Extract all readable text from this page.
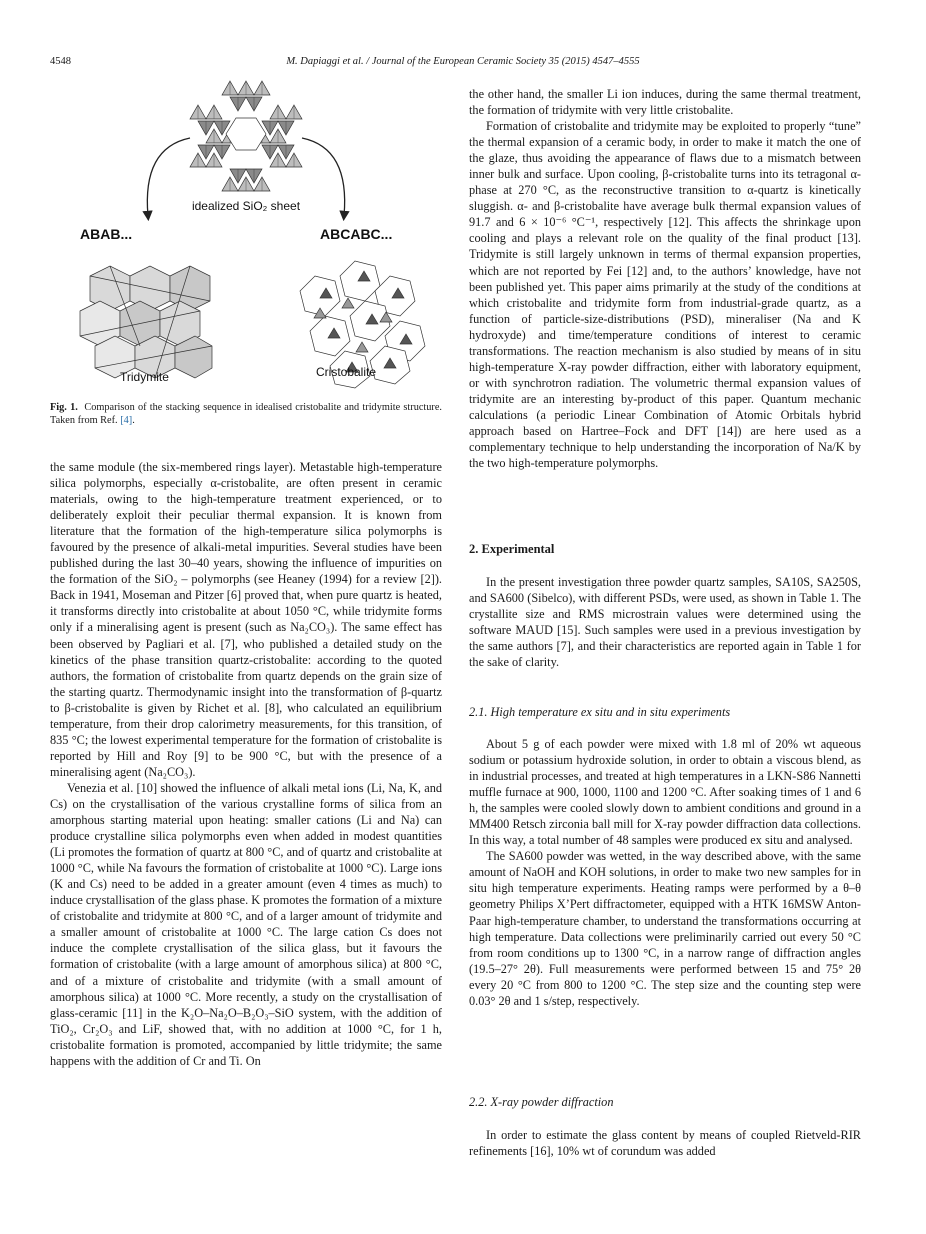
4548	M. Dapiaggi et al. / Journal of the European Ceramic Society 35 (2015) 4547–4555
idealized SiO₂ sheet
ABAB...	ABCABC...
Tridymite	Cristobalite
Fig. 1. Comparison of the stacking sequence in idealised cristobalite and tridymite structure. Taken from Ref. [4].

the same module (the six-membered rings layer). Metastable high-temperature silica polymorphs, especially α-cristobalite, are often present in ceramic materials, owing to the high-temperature treatment experienced, or to deliberately exploit their peculiar thermal expansion. It is known from literature that the formation of the high-temperature silica polymorphs is favoured by the presence of alkali-metal impurities. Several studies have been published during the last 30–40 years, showing the influence of impurities on the formation of the SiO₂ – polymorphs (see Heaney (1994) for a review [2]). Back in 1941, Moseman and Pitzer [6] proved that, when pure quartz is heated, it transforms directly into cristobalite at about 1050 °C, while tridymite forms only if a mineralising agent is present (such as Na₂CO₃). The same effect has been observed by Pagliari et al. [7], who published a detailed study on the kinetics of the phase transition quartz-cristobalite: according to the quoted authors, the formation of cristobalite from quartz depends on the grain size of the starting quartz. Thermodynamic insight into the transformation of β-quartz to β-cristobalite is given by Richet et al. [8], who calculated an equilibrium temperature, from their drop calorimetry measurements, for this transition, of 835 °C; the lowest experimental temperature for the formation of cristobalite is reported by Hill and Roy [9] to be 900 °C, but with the presence of a mineralising agent (Na₂CO₃).

Venezia et al. [10] showed the influence of alkali metal ions (Li, Na, K, and Cs) on the crystallisation of the various crystalline forms of silica from an amorphous starting material upon heating: smaller cations (Li and Na) can produce crystalline silica polymorphs even when added in modest quantities (Li promotes the formation of quartz at 800 °C, and of quartz and cristobalite at 1000 °C, while Na favours the formation of cristobalite at 1000 °C). Large ions (K and Cs) need to be added in a greater amount (even 4 times as much) to induce crystallisation of the glass phase. K promotes the formation of a mixture of cristobalite and tridymite at 800 °C, and of a larger amount of tridymite and a smaller amount of cristobalite at 1000 °C. The large cation Cs does not induce the complete crystallisation of the silica glass, but it favours the formation of cristobalite (with a large amount of amorphous silica) at 800 °C, and of a mixture of cristobalite and tridymite (with a small amount of amorphous silica) at 1000 °C. More recently, a study on the crystallisation of glass-ceramic [11] in the K₂O–Na₂O–B₂O₃–SiO system, with the addition of TiO₂, Cr₂O₃ and LiF, showed that, with no addition at 1000 °C, for 1 h, cristobalite formation is promoted, accompanied by little tridymite; the same happens with the addition of Cr and Ti. On

the other hand, the smaller Li ion induces, during the same thermal treatment, the formation of tridymite with very little cristobalite.

Formation of cristobalite and tridymite may be exploited to properly “tune” the thermal expansion of a ceramic body, in order to make it match the one of the glaze, thus avoiding the appearance of flaws due to a mismatch between inner bulk and surface. Upon cooling, β-cristobalite turns into its tetragonal α-phase at 270 °C, as the reconstructive transition to α-quartz is kinetically sluggish. α- and β-cristobalite have average bulk thermal expansion values of 91.7 and 6 × 10⁻⁶ °C⁻¹, respectively [12]. This affects the shrinkage upon cooling and plays a relevant role on the quality of the final product [13]. Tridymite is still largely unknown in terms of thermal expansion properties, which are not reported by Fei [12] and, to the authors’ knowledge, have not been published yet. This paper aims primarily at the study of the conditions at which cristobalite and tridymite form from industrial-grade quartz, as a function of particle-size-distributions (PSD), mineraliser (Na and K hydroxyde) and time/temperature conditions of interest to ceramic transformations. The reaction mechanism is also studied by means of in situ high-temperature X-ray powder diffraction, either with laboratory equipment, or with synchrotron radiation. The volumetric thermal expansion values of tridymite are an interesting by-product of this paper. Quantum mechanic calculations (a periodic Linear Combination of Atomic Orbitals hybrid approach based on Hartree–Fock and DFT [14]) are here used as a complementary technique to help understanding the incorporation of Na/K by the two high-temperature polymorphs.

2. Experimental

In the present investigation three powder quartz samples, SA10S, SA250S, and SA600 (Sibelco), with different PSDs, were used, as shown in Table 1. The crystallite size and RMS microstrain values were determined using the software MAUD [15]. Such samples were used in a previous investigation by the same authors [7], and their characteristics are reported again in Table 1 for the sake of clarity.

2.1. High temperature ex situ and in situ experiments

About 5 g of each powder were mixed with 1.8 ml of 20% wt aqueous sodium or potassium hydroxide solution, in order to obtain a viscous blend, as in industrial processes, and treated at high temperatures in a LKN-S86 Nannetti muffle furnace at 900, 1000, 1100 and 1200 °C. After soaking times of 1 and 6 h, the samples were cooled slowly down to ambient conditions and ground in a MM400 Retsch zirconia ball mill for X-ray powder diffraction data collections. In this way, a total number of 48 samples were produced ex situ and analysed.

The SA600 powder was wetted, in the way described above, with the same amount of NaOH and KOH solutions, in order to make two new samples for in situ high temperature experiments. Heating ramps were performed by a θ–θ geometry Philips X’Pert diffractometer, equipped with a HTK 16MSW Anton-Paar high-temperature chamber, to understand the transformations occurring at high temperature. Data collections were preliminarily carried out every 50 °C from room conditions up to 1300 °C, in a narrow range of diffraction angles (19.5–27° 2θ). Full measurements were performed between 15 and 75° 2θ every 20 °C from 800 to 1200 °C. The step size and the counting step were 0.03° 2θ and 1 s/step, respectively.

2.2. X-ray powder diffraction

In order to estimate the glass content by means of coupled Rietveld-RIR refinements [16], 10% wt of corundum was added
